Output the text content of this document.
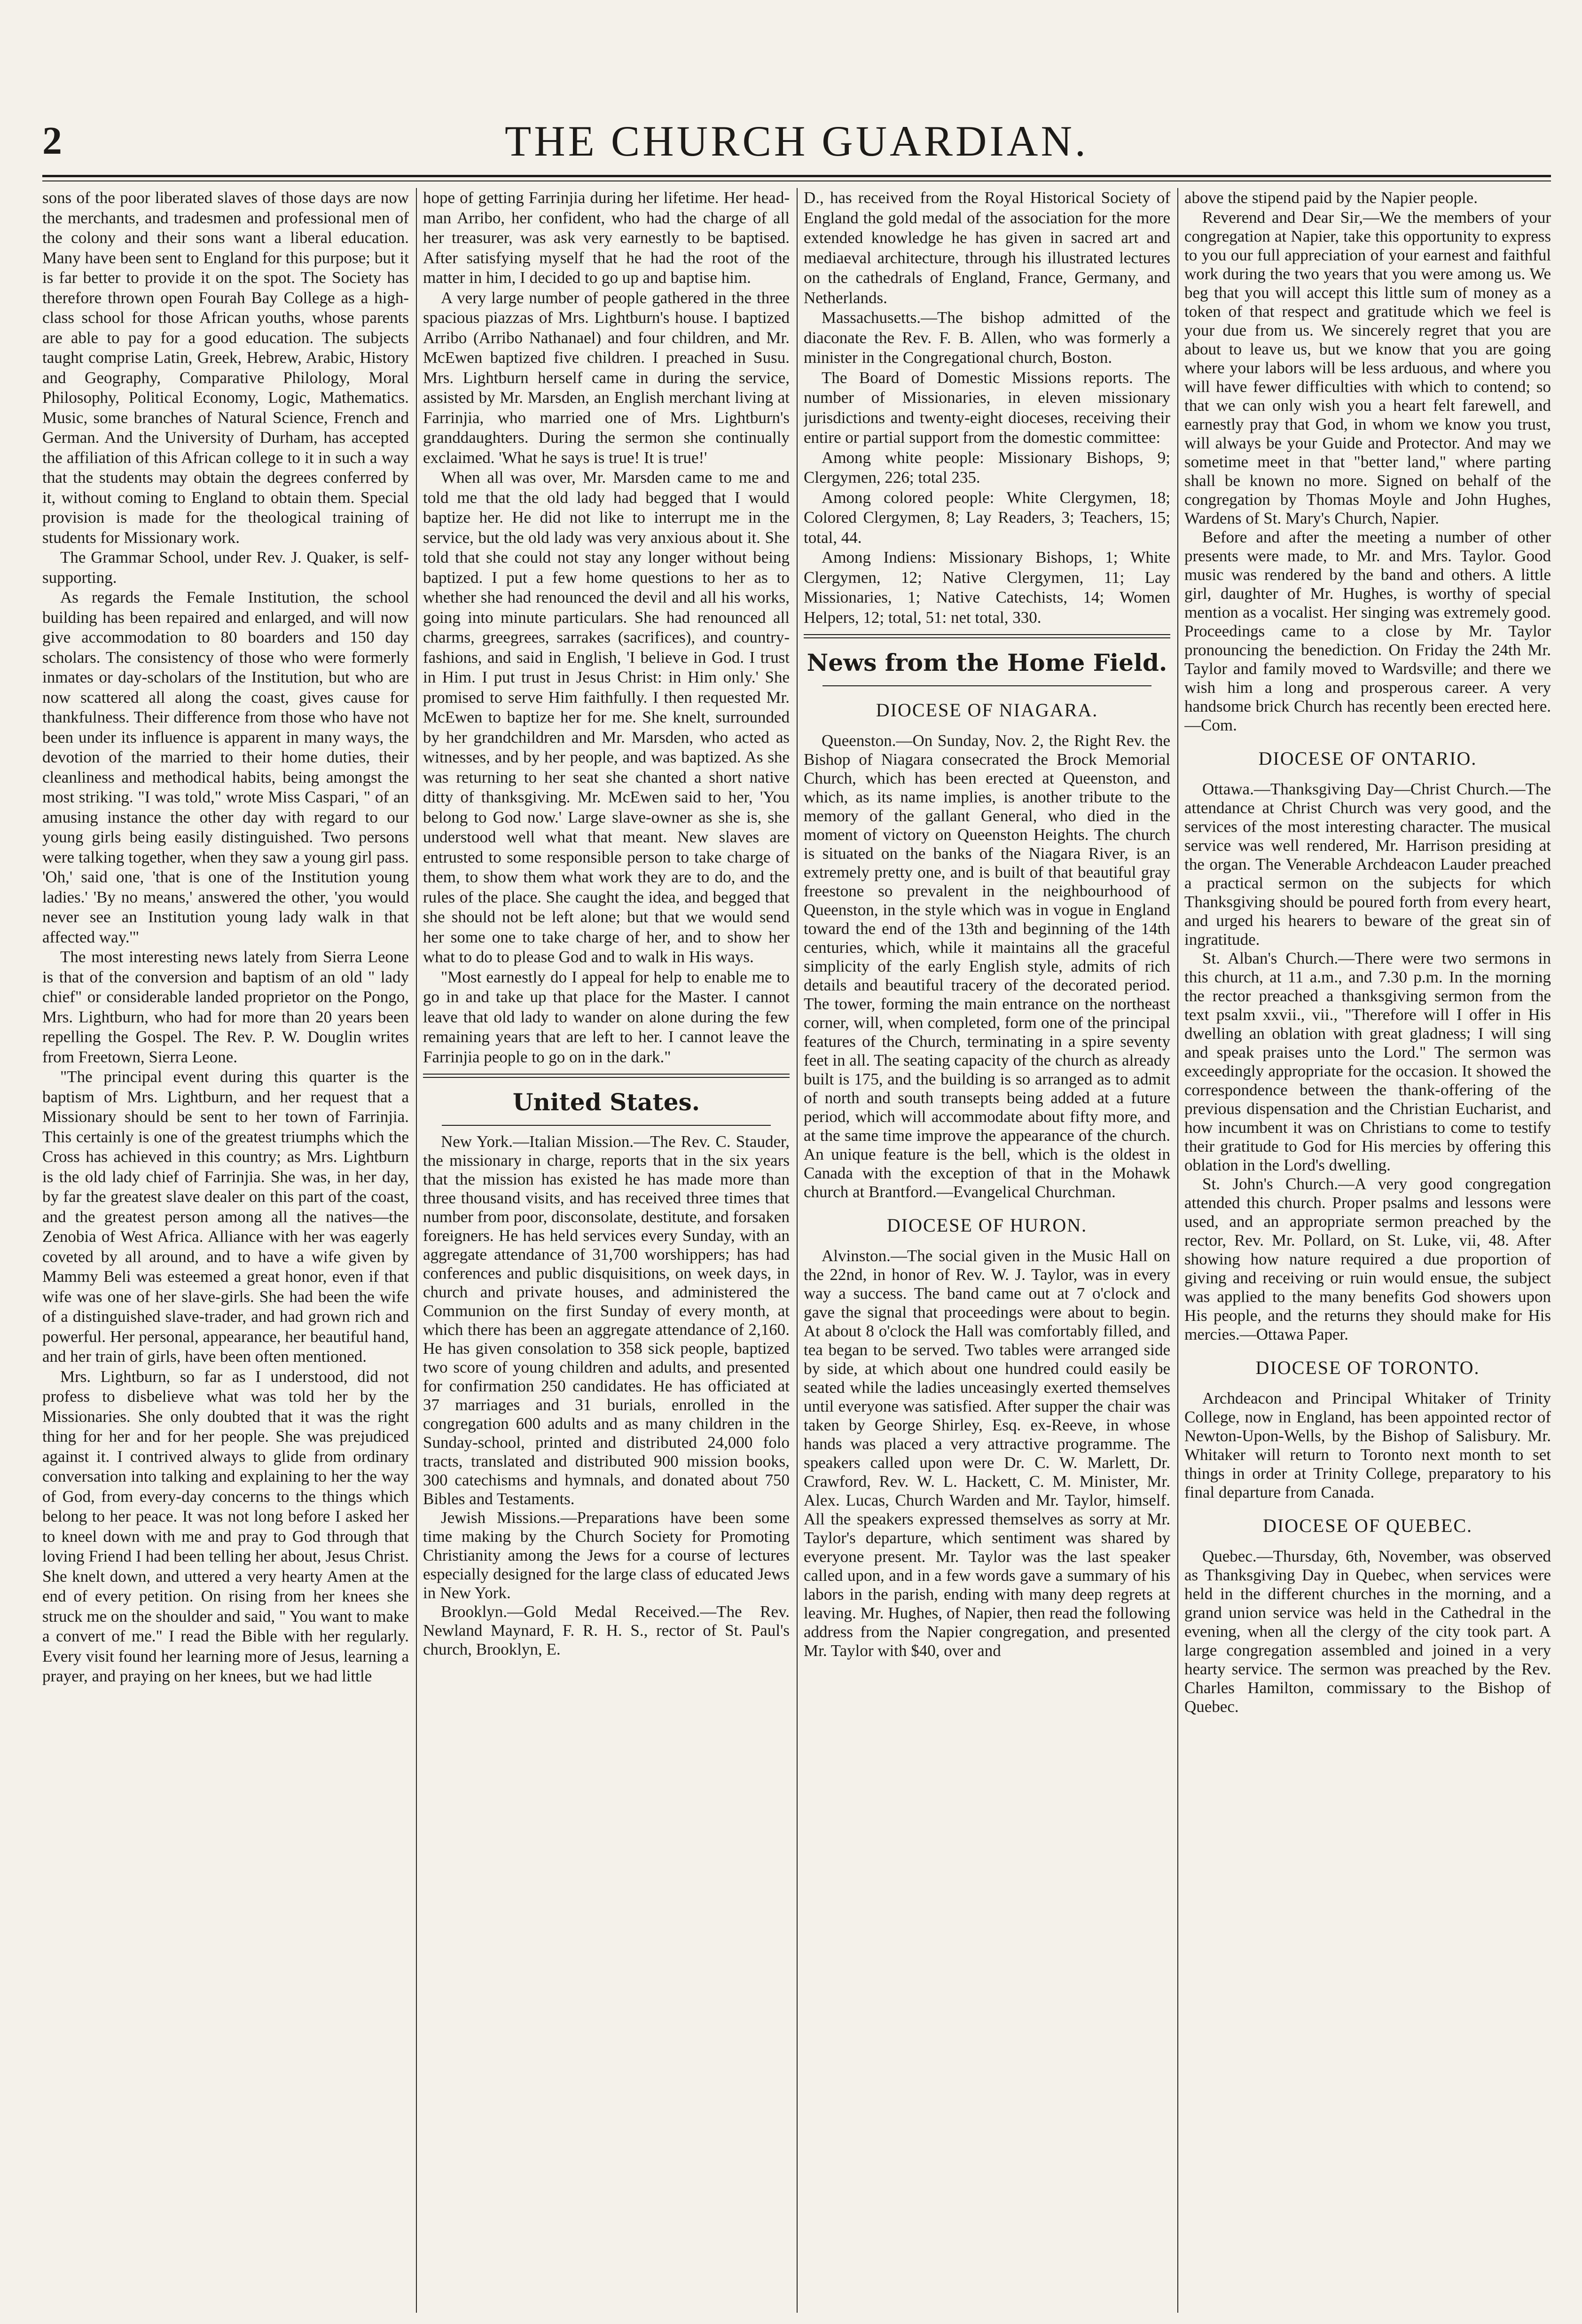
2	THE CHURCH GUARDIAN.

sons of the poor liberated slaves of those days are now the merchants, and tradesmen and professional men of the colony and their sons want a liberal education. Many have been sent to England for this purpose; but it is far better to provide it on the spot. The Society has therefore thrown open Fourah Bay College as a high-class school for those African youths, whose parents are able to pay for a good education. The subjects taught comprise Latin, Greek, Hebrew, Arabic, History and Geography, Comparative Philology, Moral Philosophy, Political Economy, Logic, Mathematics. Music, some branches of Natural Science, French and German. And the University of Durham, has accepted the affiliation of this African college to it in such a way that the students may obtain the degrees conferred by it, without coming to England to obtain them. Special provision is made for the theological training of students for Missionary work.

The Grammar School, under Rev. J. Quaker, is self-supporting.

As regards the Female Institution, the school building has been repaired and enlarged, and will now give accommodation to 80 boarders and 150 day scholars. The consistency of those who were formerly inmates or day-scholars of the Institution, but who are now scattered all along the coast, gives cause for thankfulness. Their difference from those who have not been under its influence is apparent in many ways, the devotion of the married to their home duties, their cleanliness and methodical habits, being amongst the most striking. "I was told," wrote Miss Caspari, " of an amusing instance the other day with regard to our young girls being easily distinguished. Two persons were talking together, when they saw a young girl pass. 'Oh,' said one, 'that is one of the Institution young ladies.' 'By no means,' answered the other, 'you would never see an Institution young lady walk in that affected way.'"

The most interesting news lately from Sierra Leone is that of the conversion and baptism of an old " lady chief" or considerable landed proprietor on the Pongo, Mrs. Lightburn, who had for more than 20 years been repelling the Gospel. The Rev. P. W. Douglin writes from Freetown, Sierra Leone.

"The principal event during this quarter is the baptism of Mrs. Lightburn, and her request that a Missionary should be sent to her town of Farrinjia. This certainly is one of the greatest triumphs which the Cross has achieved in this country; as Mrs. Lightburn is the old lady chief of Farrinjia. She was, in her day, by far the greatest slave dealer on this part of the coast, and the greatest person among all the natives—the Zenobia of West Africa. Alliance with her was eagerly coveted by all around, and to have a wife given by Mammy Beli was esteemed a great honor, even if that wife was one of her slave-girls. She had been the wife of a distinguished slave-trader, and had grown rich and powerful. Her personal, appearance, her beautiful hand, and her train of girls, have been often mentioned.

Mrs. Lightburn, so far as I understood, did not profess to disbelieve what was told her by the Missionaries. She only doubted that it was the right thing for her and for her people. She was prejudiced against it. I contrived always to glide from ordinary conversation into talking and explaining to her the way of God, from every-day concerns to the things which belong to her peace. It was not long before I asked her to kneel down with me and pray to God through that loving Friend I had been telling her about, Jesus Christ. She knelt down, and uttered a very hearty Amen at the end of every petition. On rising from her knees she struck me on the shoulder and said, " You want to make a convert of me." I read the Bible with her regularly. Every visit found her learning more of Jesus, learning a prayer, and praying on her knees, but we had little

hope of getting Farrinjia during her lifetime. Her head-man Arribo, her confident, who had the charge of all her treasurer, was ask very earnestly to be baptised. After satisfying myself that he had the root of the matter in him, I decided to go up and baptise him.

A very large number of people gathered in the three spacious piazzas of Mrs. Lightburn's house. I baptized Arribo (Arribo Nathanael) and four children, and Mr. McEwen baptized five children. I preached in Susu. Mrs. Lightburn herself came in during the service, assisted by Mr. Marsden, an English merchant living at Farrinjia, who married one of Mrs. Lightburn's granddaughters. During the sermon she continually exclaimed. 'What he says is true! It is true!'

When all was over, Mr. Marsden came to me and told me that the old lady had begged that I would baptize her. He did not like to interrupt me in the service, but the old lady was very anxious about it. She told that she could not stay any longer without being baptized. I put a few home questions to her as to whether she had renounced the devil and all his works, going into minute particulars. She had renounced all charms, greegrees, sarrakes (sacrifices), and country-fashions, and said in English, 'I believe in God. I trust in Him. I put trust in Jesus Christ: in Him only.' She promised to serve Him faithfully. I then requested Mr. McEwen to baptize her for me. She knelt, surrounded by her grandchildren and Mr. Marsden, who acted as witnesses, and by her people, and was baptized. As she was returning to her seat she chanted a short native ditty of thanksgiving. Mr. McEwen said to her, 'You belong to God now.' Large slave-owner as she is, she understood well what that meant. New slaves are entrusted to some responsible person to take charge of them, to show them what work they are to do, and the rules of the place. She caught the idea, and begged that she should not be left alone; but that we would send her some one to take charge of her, and to show her what to do to please God and to walk in His ways.

"Most earnestly do I appeal for help to enable me to go in and take up that place for the Master. I cannot leave that old lady to wander on alone during the few remaining years that are left to her. I cannot leave the Farrinjia people to go on in the dark."

United States.

New York.—Italian Mission.—The Rev. C. Stauder, the missionary in charge, reports that in the six years that the mission has existed he has made more than three thousand visits, and has received three times that number from poor, disconsolate, destitute, and forsaken foreigners. He has held services every Sunday, with an aggregate attendance of 31,700 worshippers; has had conferences and public disquisitions, on week days, in church and private houses, and administered the Communion on the first Sunday of every month, at which there has been an aggregate attendance of 2,160. He has given consolation to 358 sick people, baptized two score of young children and adults, and presented for confirmation 250 candidates. He has officiated at 37 marriages and 31 burials, enrolled in the congregation 600 adults and as many children in the Sunday-school, printed and distributed 24,000 folo tracts, translated and distributed 900 mission books, 300 catechisms and hymnals, and donated about 750 Bibles and Testaments.

Jewish Missions.—Preparations have been some time making by the Church Society for Promoting Christianity among the Jews for a course of lectures especially designed for the large class of educated Jews in New York.

Brooklyn.—Gold Medal Received.—The Rev. Newland Maynard, F. R. H. S., rector of St. Paul's church, Brooklyn, E.

D., has received from the Royal Historical Society of England the gold medal of the association for the more extended knowledge he has given in sacred art and mediaeval architecture, through his illustrated lectures on the cathedrals of England, France, Germany, and Netherlands.

Massachusetts.—The bishop admitted of the diaconate the Rev. F. B. Allen, who was formerly a minister in the Congregational church, Boston.

The Board of Domestic Missions reports. The number of Missionaries, in eleven missionary jurisdictions and twenty-eight dioceses, receiving their entire or partial support from the domestic committee:

Among white people: Missionary Bishops, 9; Clergymen, 226; total 235.

Among colored people: White Clergymen, 18; Colored Clergymen, 8; Lay Readers, 3; Teachers, 15; total, 44.

Among Indiens: Missionary Bishops, 1; White Clergymen, 12; Native Clergymen, 11; Lay Missionaries, 1; Native Catechists, 14; Women Helpers, 12; total, 51: net total, 330.

News from the Home Field.
DIOCESE OF NIAGARA.

Queenston.—On Sunday, Nov. 2, the Right Rev. the Bishop of Niagara consecrated the Brock Memorial Church, which has been erected at Queenston, and which, as its name implies, is another tribute to the memory of the gallant General, who died in the moment of victory on Queenston Heights. The church is situated on the banks of the Niagara River, is an extremely pretty one, and is built of that beautiful gray freestone so prevalent in the neighbourhood of Queenston, in the style which was in vogue in England toward the end of the 13th and beginning of the 14th centuries, which, while it maintains all the graceful simplicity of the early English style, admits of rich details and beautiful tracery of the decorated period. The tower, forming the main entrance on the northeast corner, will, when completed, form one of the principal features of the Church, terminating in a spire seventy feet in all. The seating capacity of the church as already built is 175, and the building is so arranged as to admit of north and south transepts being added at a future period, which will accommodate about fifty more, and at the same time improve the appearance of the church. An unique feature is the bell, which is the oldest in Canada with the exception of that in the Mohawk church at Brantford.—Evangelical Churchman.

DIOCESE OF HURON.

Alvinston.—The social given in the Music Hall on the 22nd, in honor of Rev. W. J. Taylor, was in every way a success. The band came out at 7 o'clock and gave the signal that proceedings were about to begin. At about 8 o'clock the Hall was comfortably filled, and tea began to be served. Two tables were arranged side by side, at which about one hundred could easily be seated while the ladies unceasingly exerted themselves until everyone was satisfied. After supper the chair was taken by George Shirley, Esq. ex-Reeve, in whose hands was placed a very attractive programme. The speakers called upon were Dr. C. W. Marlett, Dr. Crawford, Rev. W. L. Hackett, C. M. Minister, Mr. Alex. Lucas, Church Warden and Mr. Taylor, himself. All the speakers expressed themselves as sorry at Mr. Taylor's departure, which sentiment was shared by everyone present. Mr. Taylor was the last speaker called upon, and in a few words gave a summary of his labors in the parish, ending with many deep regrets at leaving. Mr. Hughes, of Napier, then read the following address from the Napier congregation, and presented Mr. Taylor with $40, over and

above the stipend paid by the Napier people.

Reverend and Dear Sir,—We the members of your congregation at Napier, take this opportunity to express to you our full appreciation of your earnest and faithful work during the two years that you were among us. We beg that you will accept this little sum of money as a token of that respect and gratitude which we feel is your due from us. We sincerely regret that you are about to leave us, but we know that you are going where your labors will be less arduous, and where you will have fewer difficulties with which to contend; so that we can only wish you a heart felt farewell, and earnestly pray that God, in whom we know you trust, will always be your Guide and Protector. And may we sometime meet in that "better land," where parting shall be known no more. Signed on behalf of the congregation by Thomas Moyle and John Hughes, Wardens of St. Mary's Church, Napier.

Before and after the meeting a number of other presents were made, to Mr. and Mrs. Taylor. Good music was rendered by the band and others. A little girl, daughter of Mr. Hughes, is worthy of special mention as a vocalist. Her singing was extremely good. Proceedings came to a close by Mr. Taylor pronouncing the benediction. On Friday the 24th Mr. Taylor and family moved to Wardsville; and there we wish him a long and prosperous career. A very handsome brick Church has recently been erected here.—Com.

DIOCESE OF ONTARIO.

Ottawa.—Thanksgiving Day—Christ Church.—The attendance at Christ Church was very good, and the services of the most interesting character. The musical service was well rendered, Mr. Harrison presiding at the organ. The Venerable Archdeacon Lauder preached a practical sermon on the subjects for which Thanksgiving should be poured forth from every heart, and urged his hearers to beware of the great sin of ingratitude.

St. Alban's Church.—There were two sermons in this church, at 11 a.m., and 7.30 p.m. In the morning the rector preached a thanksgiving sermon from the text psalm xxvii., vii., "Therefore will I offer in His dwelling an oblation with great gladness; I will sing and speak praises unto the Lord." The sermon was exceedingly appropriate for the occasion. It showed the correspondence between the thank-offering of the previous dispensation and the Christian Eucharist, and how incumbent it was on Christians to come to testify their gratitude to God for His mercies by offering this oblation in the Lord's dwelling.

St. John's Church.—A very good congregation attended this church. Proper psalms and lessons were used, and an appropriate sermon preached by the rector, Rev. Mr. Pollard, on St. Luke, vii, 48. After showing how nature required a due proportion of giving and receiving or ruin would ensue, the subject was applied to the many benefits God showers upon His people, and the returns they should make for His mercies.—Ottawa Paper.

DIOCESE OF TORONTO.

Archdeacon and Principal Whitaker of Trinity College, now in England, has been appointed rector of Newton-Upon-Wells, by the Bishop of Salisbury. Mr. Whitaker will return to Toronto next month to set things in order at Trinity College, preparatory to his final departure from Canada.

DIOCESE OF QUEBEC.

Quebec.—Thursday, 6th, November, was observed as Thanksgiving Day in Quebec, when services were held in the different churches in the morning, and a grand union service was held in the Cathedral in the evening, when all the clergy of the city took part. A large congregation assembled and joined in a very hearty service. The sermon was preached by the Rev. Charles Hamilton, commissary to the Bishop of Quebec.
